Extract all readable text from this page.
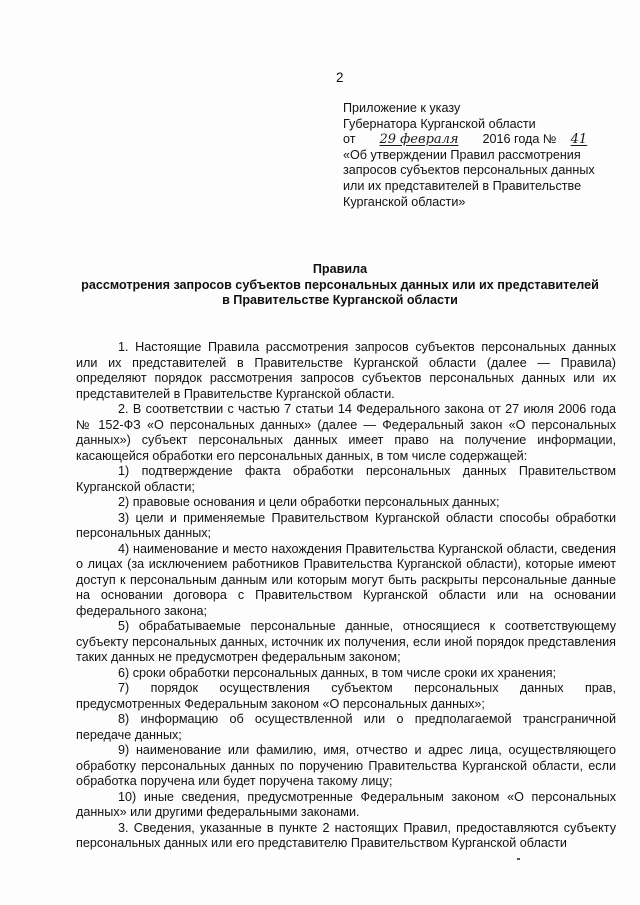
2
Приложение к указу
Губернатора Курганской области
от 29 февраля 2016 года № 41
«Об утверждении Правил рассмотрения
запросов субъектов персональных данных
или их представителей в Правительстве
Курганской области»
Правила
рассмотрения запросов субъектов персональных данных или их представителей
в Правительстве Курганской области

1. Настоящие Правила рассмотрения запросов субъектов персональных данных или их представителей в Правительстве Курганской области (далее — Правила) определяют порядок рассмотрения запросов субъектов персональных данных или их представителей в Правительстве Курганской области.

2. В соответствии с частью 7 статьи 14 Федерального закона от 27 июля 2006 года № 152-ФЗ «О персональных данных» (далее — Федеральный закон «О персональных данных») субъект персональных данных имеет право на получение информации, касающейся обработки его персональных данных, в том числе содержащей:

1) подтверждение факта обработки персональных данных Правительством Курганской области;

2) правовые основания и цели обработки персональных данных;

3) цели и применяемые Правительством Курганской области способы обработки персональных данных;

4) наименование и место нахождения Правительства Курганской области, сведения о лицах (за исключением работников Правительства Курганской области), которые имеют доступ к персональным данным или которым могут быть раскрыты персональные данные на основании договора с Правительством Курганской области или на основании федерального закона;

5) обрабатываемые персональные данные, относящиеся к соответствующему субъекту персональных данных, источник их получения, если иной порядок представления таких данных не предусмотрен федеральным законом;

6) сроки обработки персональных данных, в том числе сроки их хранения;

7) порядок осуществления субъектом персональных данных прав, предусмотренных Федеральным законом «О персональных данных»;

8) информацию об осуществленной или о предполагаемой трансграничной передаче данных;

9) наименование или фамилию, имя, отчество и адрес лица, осуществляющего обработку персональных данных по поручению Правительства Курганской области, если обработка поручена или будет поручена такому лицу;

10) иные сведения, предусмотренные Федеральным законом «О персональных данных» или другими федеральными законами.

3. Сведения, указанные в пункте 2 настоящих Правил, предоставляются субъекту персональных данных или его представителю Правительством Курганской области
